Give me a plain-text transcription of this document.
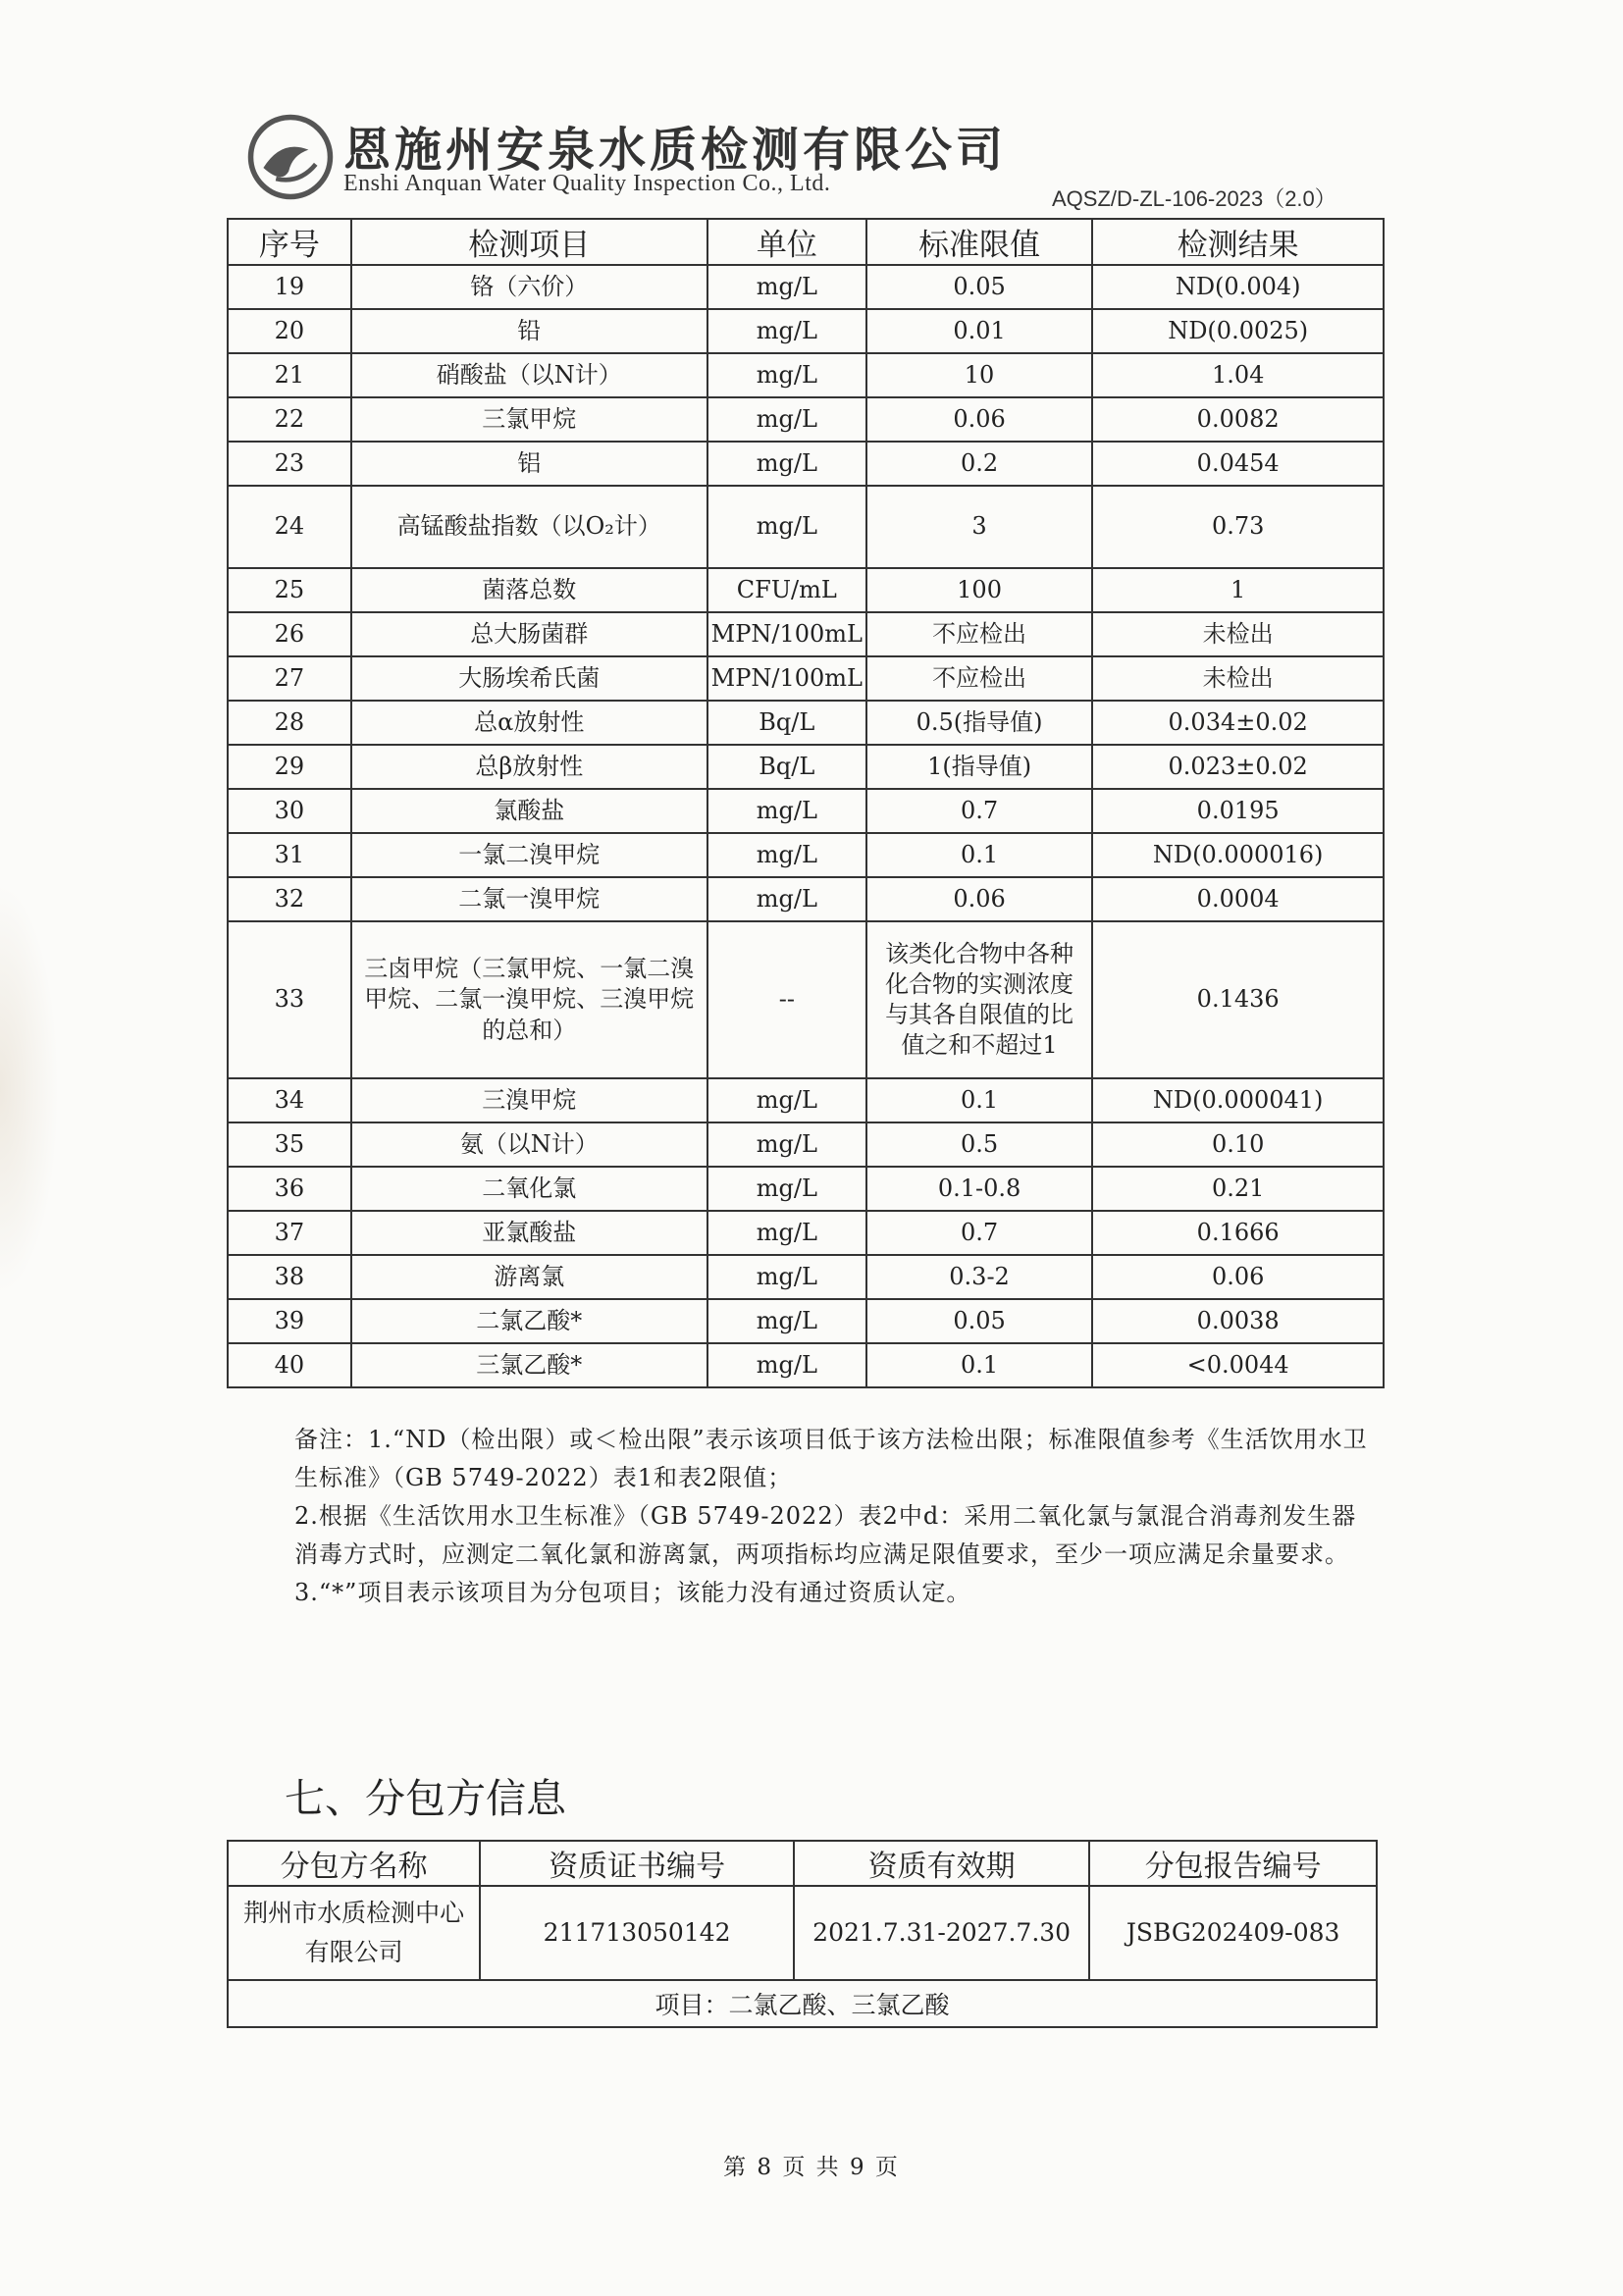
恩施州安泉水质检测有限公司
Enshi Anquan Water Quality Inspection Co., Ltd.
AQSZ/D-ZL-106-2023（2.0）
序号	检测项目	单位	标准限值	检测结果
19	铬（六价）	mg/L	0.05	ND(0.004)
20	铅	mg/L	0.01	ND(0.0025)
21	硝酸盐（以N计）	mg/L	10	1.04
22	三氯甲烷	mg/L	0.06	0.0082
23	铝	mg/L	0.2	0.0454
24	高锰酸盐指数（以O₂计）	mg/L	3	0.73
25	菌落总数	CFU/mL	100	1
26	总大肠菌群	MPN/100mL	不应检出	未检出
27	大肠埃希氏菌	MPN/100mL	不应检出	未检出
28	总α放射性	Bq/L	0.5(指导值)	0.034±0.02
29	总β放射性	Bq/L	1(指导值)	0.023±0.02
30	氯酸盐	mg/L	0.7	0.0195
31	一氯二溴甲烷	mg/L	0.1	ND(0.000016)
32	二氯一溴甲烷	mg/L	0.06	0.0004
33	三卤甲烷（三氯甲烷、一氯二溴甲烷、二氯一溴甲烷、三溴甲烷的总和）	--	该类化合物中各种化合物的实测浓度与其各自限值的比值之和不超过1	0.1436
34	三溴甲烷	mg/L	0.1	ND(0.000041)
35	氨（以N计）	mg/L	0.5	0.10
36	二氧化氯	mg/L	0.1-0.8	0.21
37	亚氯酸盐	mg/L	0.7	0.1666
38	游离氯	mg/L	0.3-2	0.06
39	二氯乙酸*	mg/L	0.05	0.0038
40	三氯乙酸*	mg/L	0.1	<0.0044

备注：1.“ND（检出限）或＜检出限”表示该项目低于该方法检出限；标准限值参考《生活饮用水卫生标准》（GB 5749-2022）表1和表2限值；

2.根据《生活饮用水卫生标准》（GB 5749-2022）表2中d：采用二氧化氯与氯混合消毒剂发生器消毒方式时，应测定二氧化氯和游离氯，两项指标均应满足限值要求，至少一项应满足余量要求。

3.“*”项目表示该项目为分包项目；该能力没有通过资质认定。

七、分包方信息
分包方名称	资质证书编号	资质有效期	分包报告编号
荆州市水质检测中心有限公司	211713050142	2021.7.31-2027.7.30	JSBG202409-083
项目：二氯乙酸、三氯乙酸			
第 8 页 共 9 页
